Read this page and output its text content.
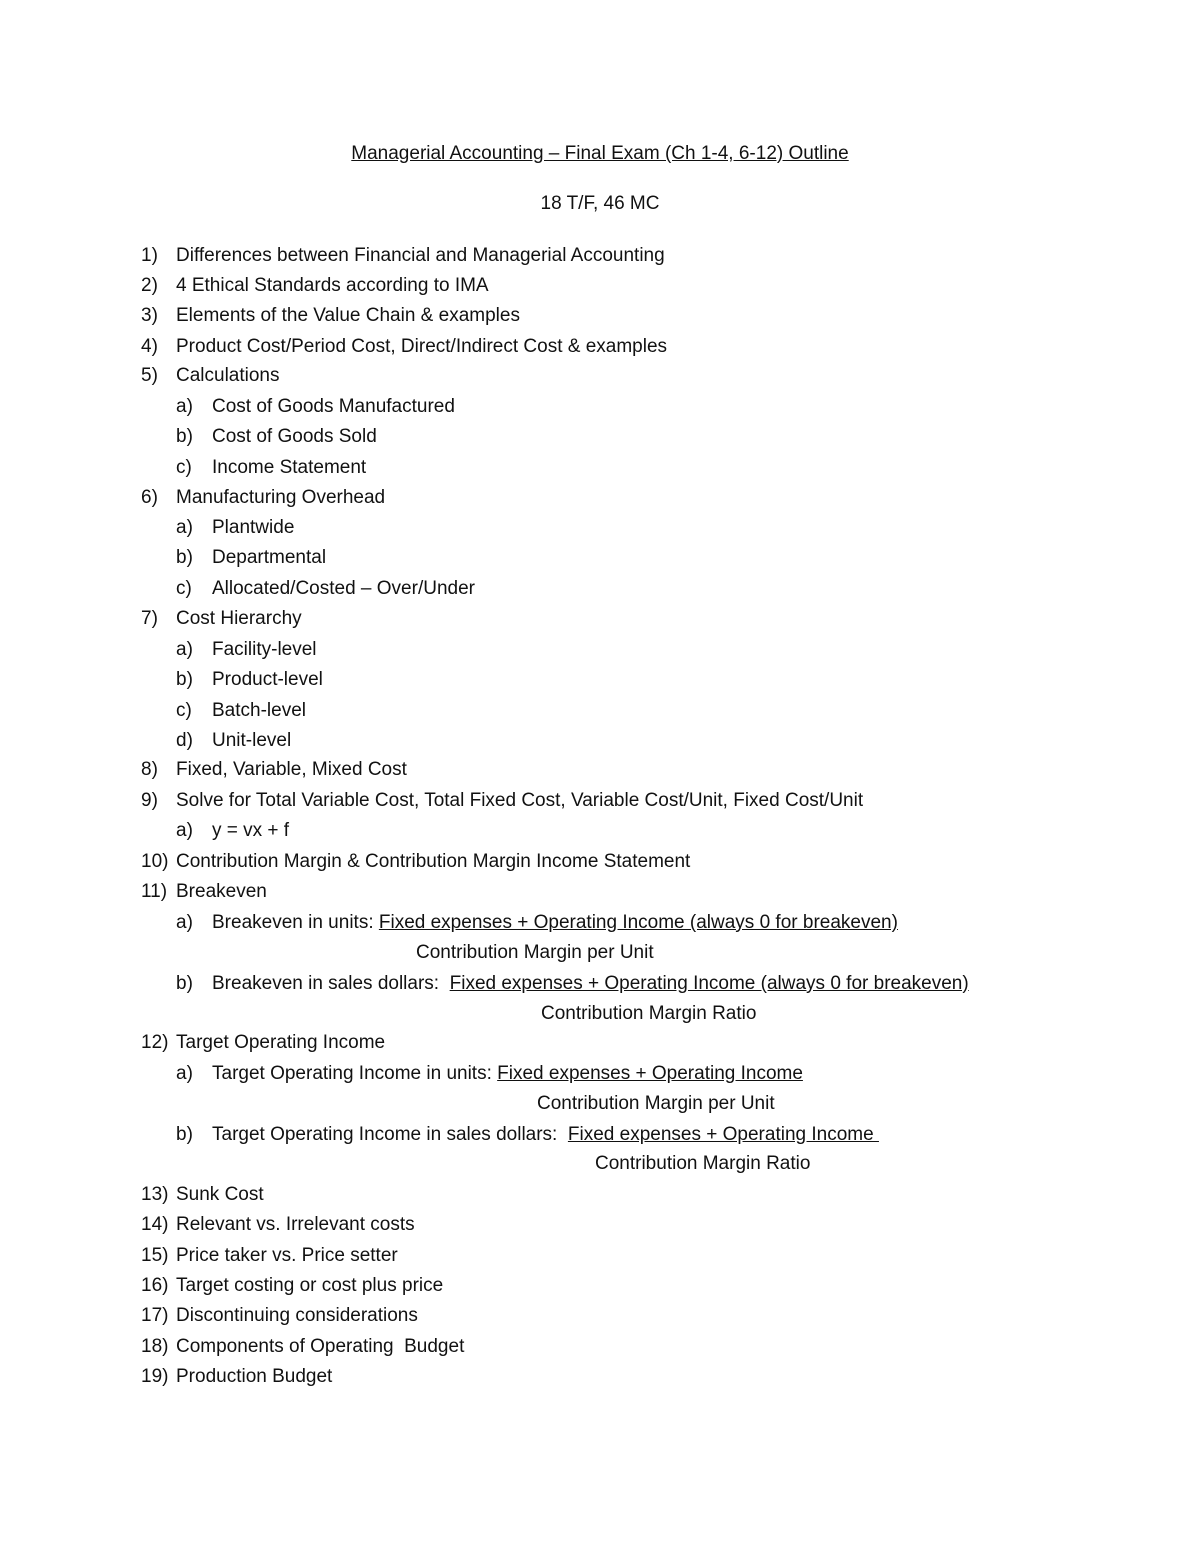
Managerial Accounting – Final Exam (Ch 1-4, 6-12) Outline
18 T/F, 46 MC
1) Differences between Financial and Managerial Accounting
2) 4 Ethical Standards according to IMA
3) Elements of the Value Chain & examples
4) Product Cost/Period Cost, Direct/Indirect Cost & examples
5) Calculations
a) Cost of Goods Manufactured
b) Cost of Goods Sold
c) Income Statement
6) Manufacturing Overhead
a) Plantwide
b) Departmental
c) Allocated/Costed – Over/Under
7) Cost Hierarchy
a) Facility-level
b) Product-level
c) Batch-level
d) Unit-level
8) Fixed, Variable, Mixed Cost
9) Solve for Total Variable Cost, Total Fixed Cost, Variable Cost/Unit, Fixed Cost/Unit
a) y = vx + f
10) Contribution Margin & Contribution Margin Income Statement
11) Breakeven
a) Breakeven in units: Fixed expenses + Operating Income (always 0 for breakeven)
Contribution Margin per Unit
b) Breakeven in sales dollars:  Fixed expenses + Operating Income (always 0 for breakeven)
Contribution Margin Ratio
12) Target Operating Income
a) Target Operating Income in units: Fixed expenses + Operating Income
Contribution Margin per Unit
b) Target Operating Income in sales dollars:  Fixed expenses + Operating Income
Contribution Margin Ratio
13) Sunk Cost
14) Relevant vs. Irrelevant costs
15) Price taker vs. Price setter
16) Target costing or cost plus price
17) Discontinuing considerations
18) Components of Operating  Budget
19) Production Budget
